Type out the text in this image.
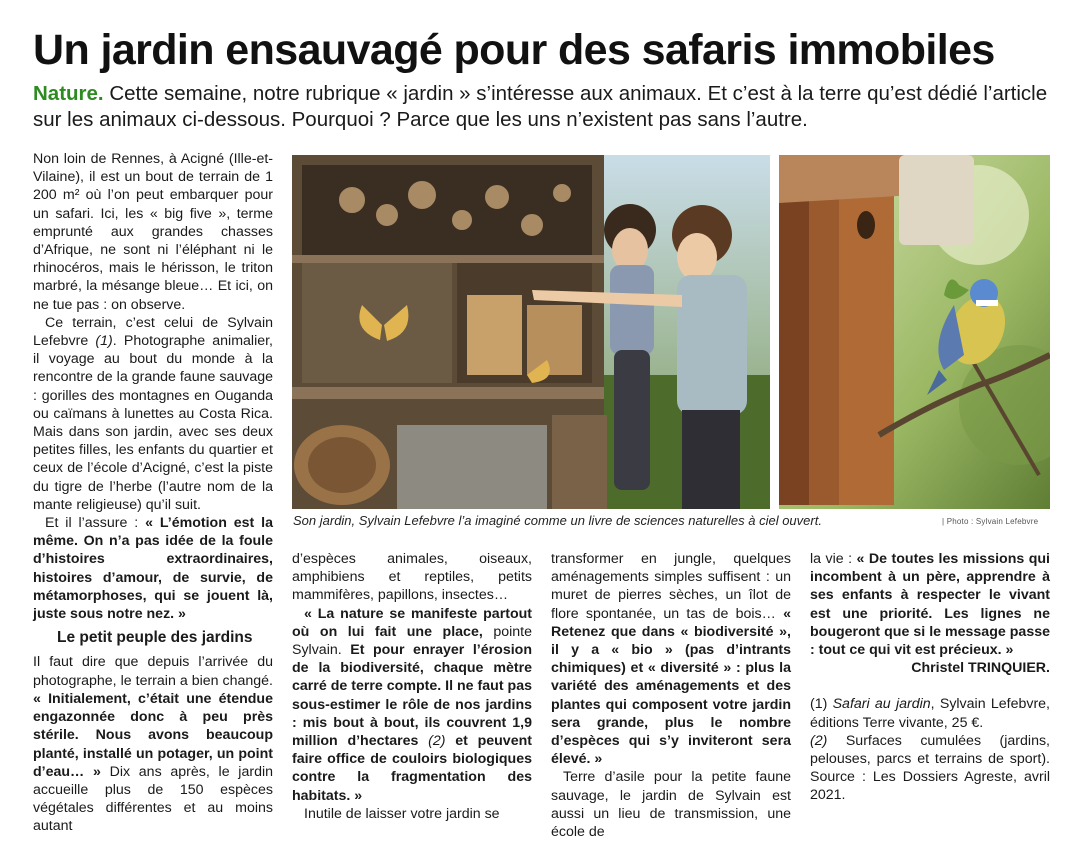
Un jardin ensauvagé pour des safaris immobiles
Nature. Cette semaine, notre rubrique « jardin » s’intéresse aux animaux. Et c’est à la terre qu’est dédié l’article sur les animaux ci-dessous. Pourquoi ? Parce que les uns n’existent pas sans l’autre.
Son jardin, Sylvain Lefebvre l’a imaginé comme un livre de sciences naturelles à ciel ouvert.	| Photo : Sylvain Lefebvre

Non loin de Rennes, à Acigné (Ille-et-Vilaine), il est un bout de terrain de 1 200 m² où l’on peut embarquer pour un safari. Ici, les « big five », terme emprunté aux grandes chasses d’Afrique, ne sont ni l’éléphant ni le rhinocéros, mais le hérisson, le triton marbré, la mésange bleue… Et ici, on ne tue pas : on observe.

Ce terrain, c’est celui de Sylvain Lefebvre (1). Photographe animalier, il voyage au bout du monde à la rencontre de la grande faune sauvage : gorilles des montagnes en Ouganda ou caïmans à lunettes au Costa Rica. Mais dans son jardin, avec ses deux petites filles, les enfants du quartier et ceux de l’école d’Acigné, c’est la piste du tigre de l’herbe (l’autre nom de la mante religieuse) qu’il suit.

Et il l’assure : « L’émotion est la même. On n’a pas idée de la foule d’histoires extraordinaires, histoires d’amour, de survie, de métamorphoses, qui se jouent là, juste sous notre nez. »

Le petit peuple des jardins

Il faut dire que depuis l’arrivée du photographe, le terrain a bien changé. « Initialement, c’était une étendue engazonnée donc à peu près stérile. Nous avons beaucoup planté, installé un potager, un point d’eau… » Dix ans après, le jardin accueille plus de 150 espèces végétales différentes et au moins autant

d’espèces animales, oiseaux, amphibiens et reptiles, petits mammifères, papillons, insectes…

« La nature se manifeste partout où on lui fait une place, pointe Sylvain. Et pour enrayer l’érosion de la biodiversité, chaque mètre carré de terre compte. Il ne faut pas sous-estimer le rôle de nos jardins : mis bout à bout, ils couvrent 1,9 million d’hectares (2) et peuvent faire office de couloirs biologiques contre la fragmentation des habitats. »

Inutile de laisser votre jardin se

transformer en jungle, quelques aménagements simples suffisent : un muret de pierres sèches, un îlot de flore spontanée, un tas de bois… « Retenez que dans « biodiversité », il y a « bio » (pas d’intrants chimiques) et « diversité » : plus la variété des aménagements et des plantes qui composent votre jardin sera grande, plus le nombre d’espèces qui s’y inviteront sera élevé. »

Terre d’asile pour la petite faune sauvage, le jardin de Sylvain est aussi un lieu de transmission, une école de

la vie : « De toutes les missions qui incombent à un père, apprendre à ses enfants à respecter le vivant est une priorité. Les lignes ne bougeront que si le message passe : tout ce qui vit est précieux. »

Christel TRINQUIER.

(1) Safari au jardin, Sylvain Lefebvre, éditions Terre vivante, 25 €.

(2) Surfaces cumulées (jardins, pelouses, parcs et terrains de sport). Source : Les Dossiers Agreste, avril 2021.
